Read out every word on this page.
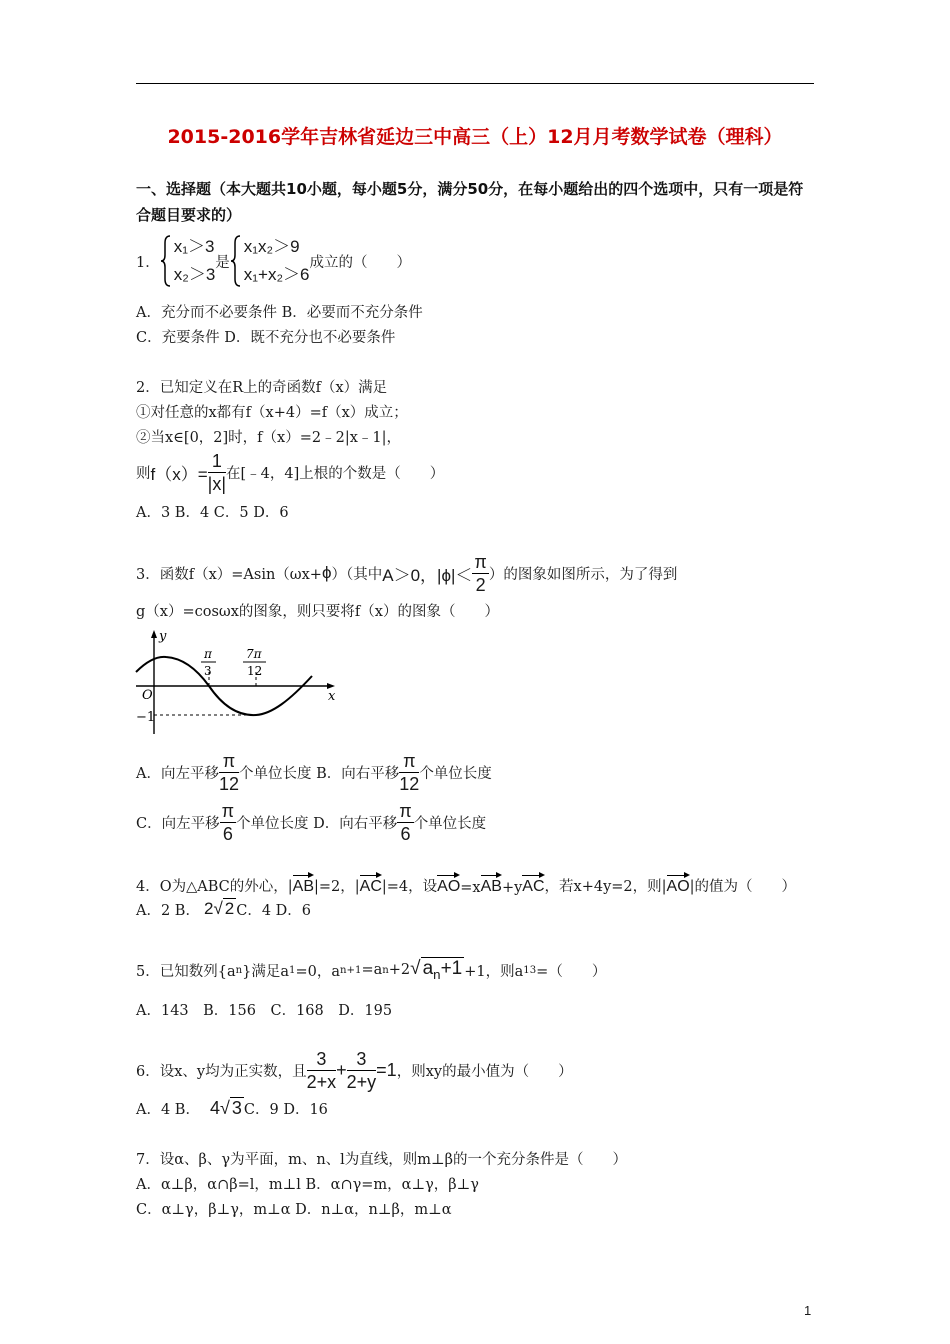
2015-2016学年吉林省延边三中高三（上）12月月考数学试卷（理科）
一、选择题（本大题共10小题，每小题5分，满分50分，在每小题给出的四个选项中，只有一项是符合题目要求的）
1．
x₁＞3
x₂＞3
是
x₁x₂＞9
x₁+x₂＞6
成立的（　　）
A．充分而不必要条件 B．必要而不充分条件
C．充要条件 D．既不充分也不必要条件
2．已知定义在R上的奇函数f（x）满足
①对任意的x都有f（x+4）=f（x）成立；
②当x∈[0，2]时，f（x）=2﹣2|x﹣1|，
则 $f(x)= \frac{1}{|x|}$ 在[﹣4，4]上根的个数是（　　）
A．3 B．4 C．5 D．6
3．函数f（x）=Asin（ωx+ ϕ ）（其中 A＞0，$|\phi|< \frac{\pi}{2}$ ）的图象如图所示，为了得到
g（x）=cosωx的图象，则只要将f（x）的图象（　　）
y
x
O
−1
π
3
7π
12
A．向左平移 $\frac{\pi}{12}$ 个单位长度 B．向右平移 $\frac{\pi}{12}$ 个单位长度
C．向左平移 $\frac{\pi}{6}$ 个单位长度 D．向右平移 $\frac{\pi}{6}$ 个单位长度
4．O为△ABC的外心，| AB |=2，| AC |=4，设 AO =x AB +y AC ，若x+4y=2，则| AO |的值为（　　）
A．2 B． 2 √ 2 C．4 D．6
5．已知数列{a n }满足a 1 =0，a n+1 =a n +2 √ $a_n+1 +1$，则a 13 =（　　）
A．143　B．156　C．168　D．195
6．设x、y均为正实数，且 $\frac{3}{2+x} + \frac{3}{2+y} =1$ ，则xy的最小值为（　　）
A．4 B． 4 √ 3 C．9 D．16
7．设α、β、γ为平面，m、n、l为直线，则m⊥β的一个充分条件是（　　）
A．α⊥β，α∩β=l，m⊥l B．α∩γ=m，α⊥γ，β⊥γ
C．α⊥γ，β⊥γ，m⊥α D．n⊥α，n⊥β，m⊥α
1
